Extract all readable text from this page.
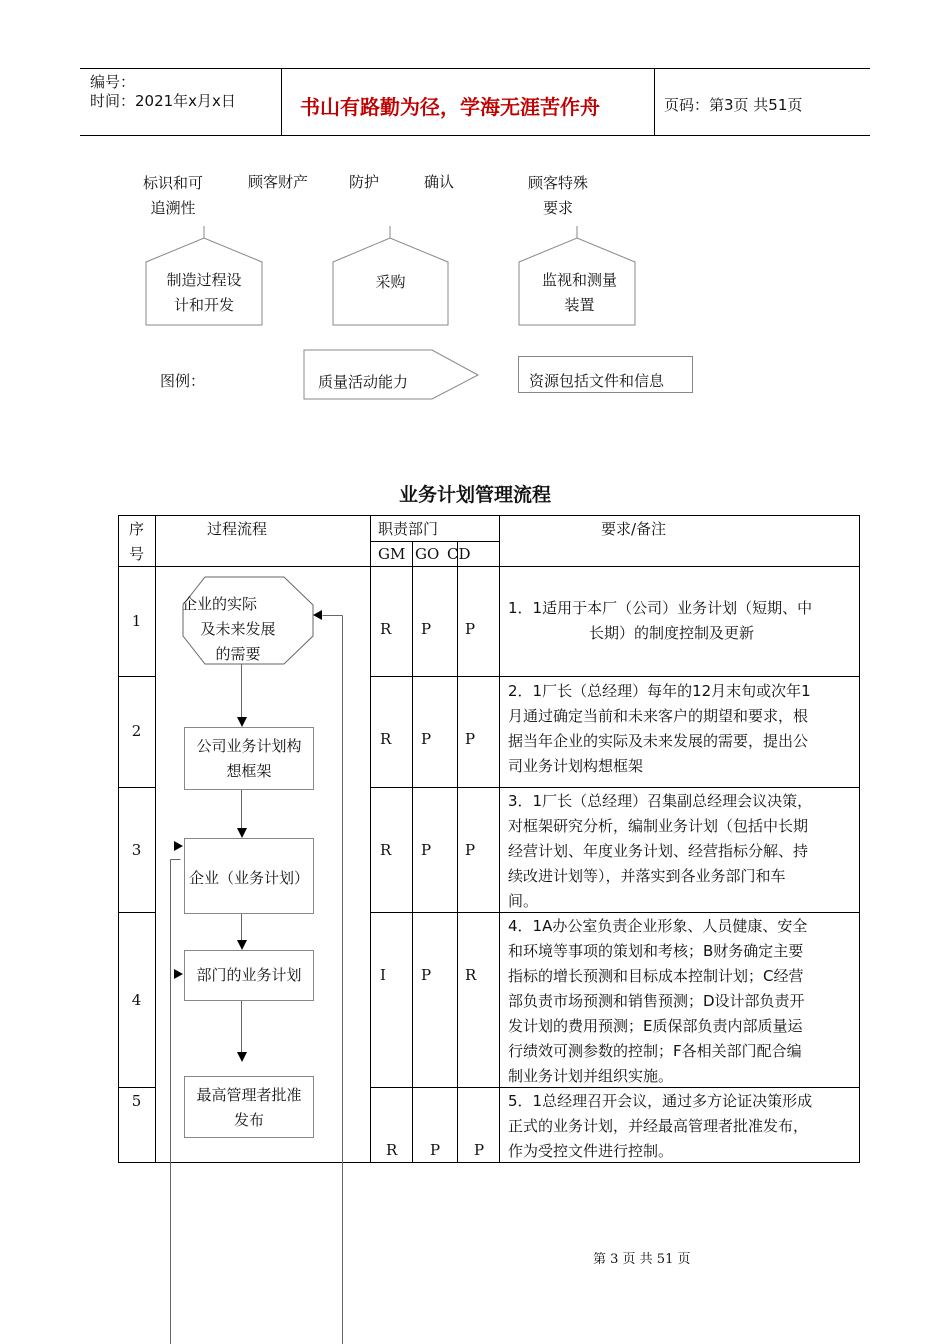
编号：
时间：2021年x月x日	书山有路勤为径，学海无涯苦作舟	页码：第3页 共51页
标识和可
追溯性
顾客财产	防护	确认	顾客特殊
要求
制造过程设
计和开发
采购	监视和测量
装置
图例：	质量活动能力	资源包括文件和信息
业务计划管理流程
序
号
过程流程	职责部门
GM GO CD
要求/备注
企业的实际
及未来发展
的需要
公司业务计划构
想框架
企业（业务计划）
部门的业务计划
最高管理者批准
发布
1	R P P
1．1适用于本厂（公司）业务计划（短期、中
长期）的制度控制及更新
2	R P P
2．1厂长（总经理）每年的12月末旬或次年1
月通过确定当前和未来客户的期望和要求，根
据当年企业的实际及未来发展的需要，提出公
司业务计划构想框架
3	R P P
3．1厂长（总经理）召集副总经理会议决策，
对框架研究分析，编制业务计划（包括中长期
经营计划、年度业务计划、经营指标分解、持
续改进计划等），并落实到各业务部门和车
间。
4
I P R
4．1A办公室负责企业形象、人员健康、安全
和环境等事项的策划和考核；B财务确定主要
指标的增长预测和目标成本控制计划；C经营
部负责市场预测和销售预测；D设计部负责开
发计划的费用预测；E质保部负责内部质量运
行绩效可测参数的控制；F各相关部门配合编
制业务计划并组织实施。
5
R P P
5．1总经理召开会议，通过多方论证决策形成
正式的业务计划，并经最高管理者批准发布，
作为受控文件进行控制。
第 3 页 共 51 页
